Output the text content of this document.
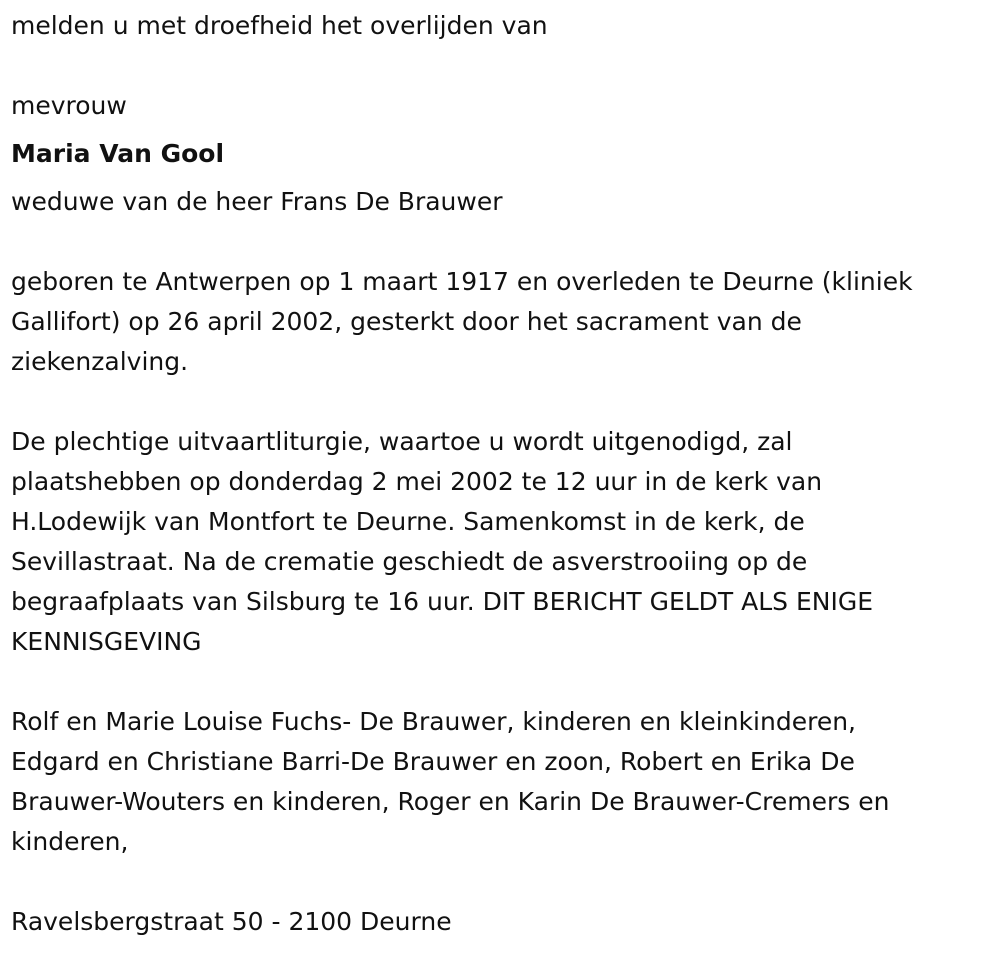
melden u met droefheid het overlijden van

mevrouw

Maria Van Gool

weduwe van de heer Frans De Brauwer

geboren te Antwerpen op 1 maart 1917 en overleden te Deurne (kliniek

Gallifort) op 26 april 2002, gesterkt door het sacrament van de

ziekenzalving.

De plechtige uitvaartliturgie, waartoe u wordt uitgenodigd, zal

plaatshebben op donderdag 2 mei 2002 te 12 uur in de kerk van

H.Lodewijk van Montfort te Deurne. Samenkomst in de kerk, de

Sevillastraat. Na de crematie geschiedt de asverstrooiing op de

begraafplaats van Silsburg te 16 uur. DIT BERICHT GELDT ALS ENIGE

KENNISGEVING

Rolf en Marie Louise Fuchs- De Brauwer, kinderen en kleinkinderen,

Edgard en Christiane Barri-De Brauwer en zoon, Robert en Erika De

Brauwer-Wouters en kinderen, Roger en Karin De Brauwer-Cremers en

kinderen,

Ravelsbergstraat 50 - 2100 Deurne
